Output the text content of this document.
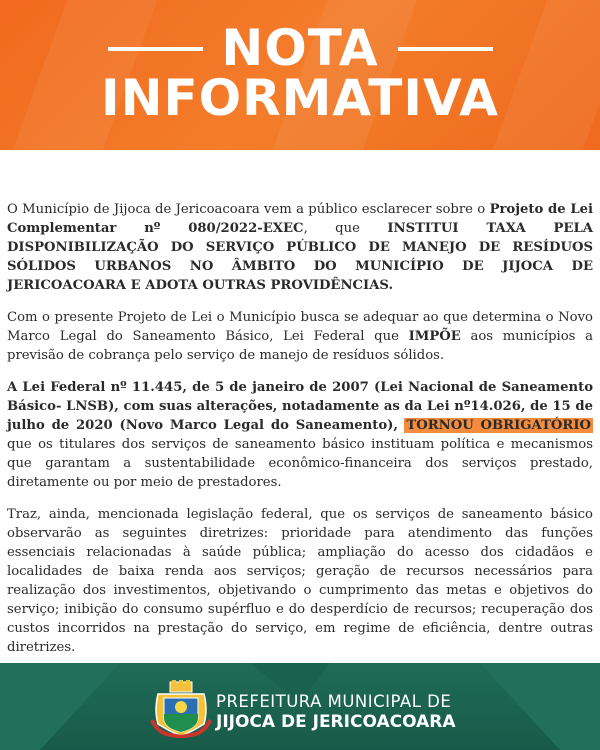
NOTA
INFORMATIVA

O Município de Jijoca de Jericoacoara vem a público esclarecer sobre o Projeto de Lei Complementar nº 080/2022-EXEC, que INSTITUI TAXA PELA DISPONIBILIZAÇÃO DO SERVIÇO PÚBLICO DE MANEJO DE RESÍDUOS SÓLIDOS URBANOS NO ÂMBITO DO MUNICÍPIO DE JIJOCA DE JERICOACOARA E ADOTA OUTRAS PROVIDÊNCIAS.

Com o presente Projeto de Lei o Município busca se adequar ao que determina o Novo Marco Legal do Saneamento Básico, Lei Federal que IMPÕE aos municípios a previsão de cobrança pelo serviço de manejo de resíduos sólidos.

A Lei Federal nº 11.445, de 5 de janeiro de 2007 (Lei Nacional de Saneamento Básico- LNSB), com suas alterações, notadamente as da Lei nº14.026, de 15 de julho de 2020 (Novo Marco Legal do Saneamento), TORNOU OBRIGATÓRIO que os titulares dos serviços de saneamento básico instituam política e mecanismos que garantam a sustentabilidade econômico-financeira dos serviços prestado, diretamente ou por meio de prestadores.

Traz, ainda, mencionada legislação federal, que os serviços de saneamento básico observarão as seguintes diretrizes: prioridade para atendimento das funções essenciais relacionadas à saúde pública; ampliação do acesso dos cidadãos e localidades de baixa renda aos serviços; geração de recursos necessários para realização dos investimentos, objetivando o cumprimento das metas e objetivos do serviço; inibição do consumo supérfluo e do desperdício de recursos; recuperação dos custos incorridos na prestação do serviço, em regime de eficiência, dentre outras diretrizes.

PREFEITURA MUNICIPAL DE
JIJOCA DE JERICOACOARA
